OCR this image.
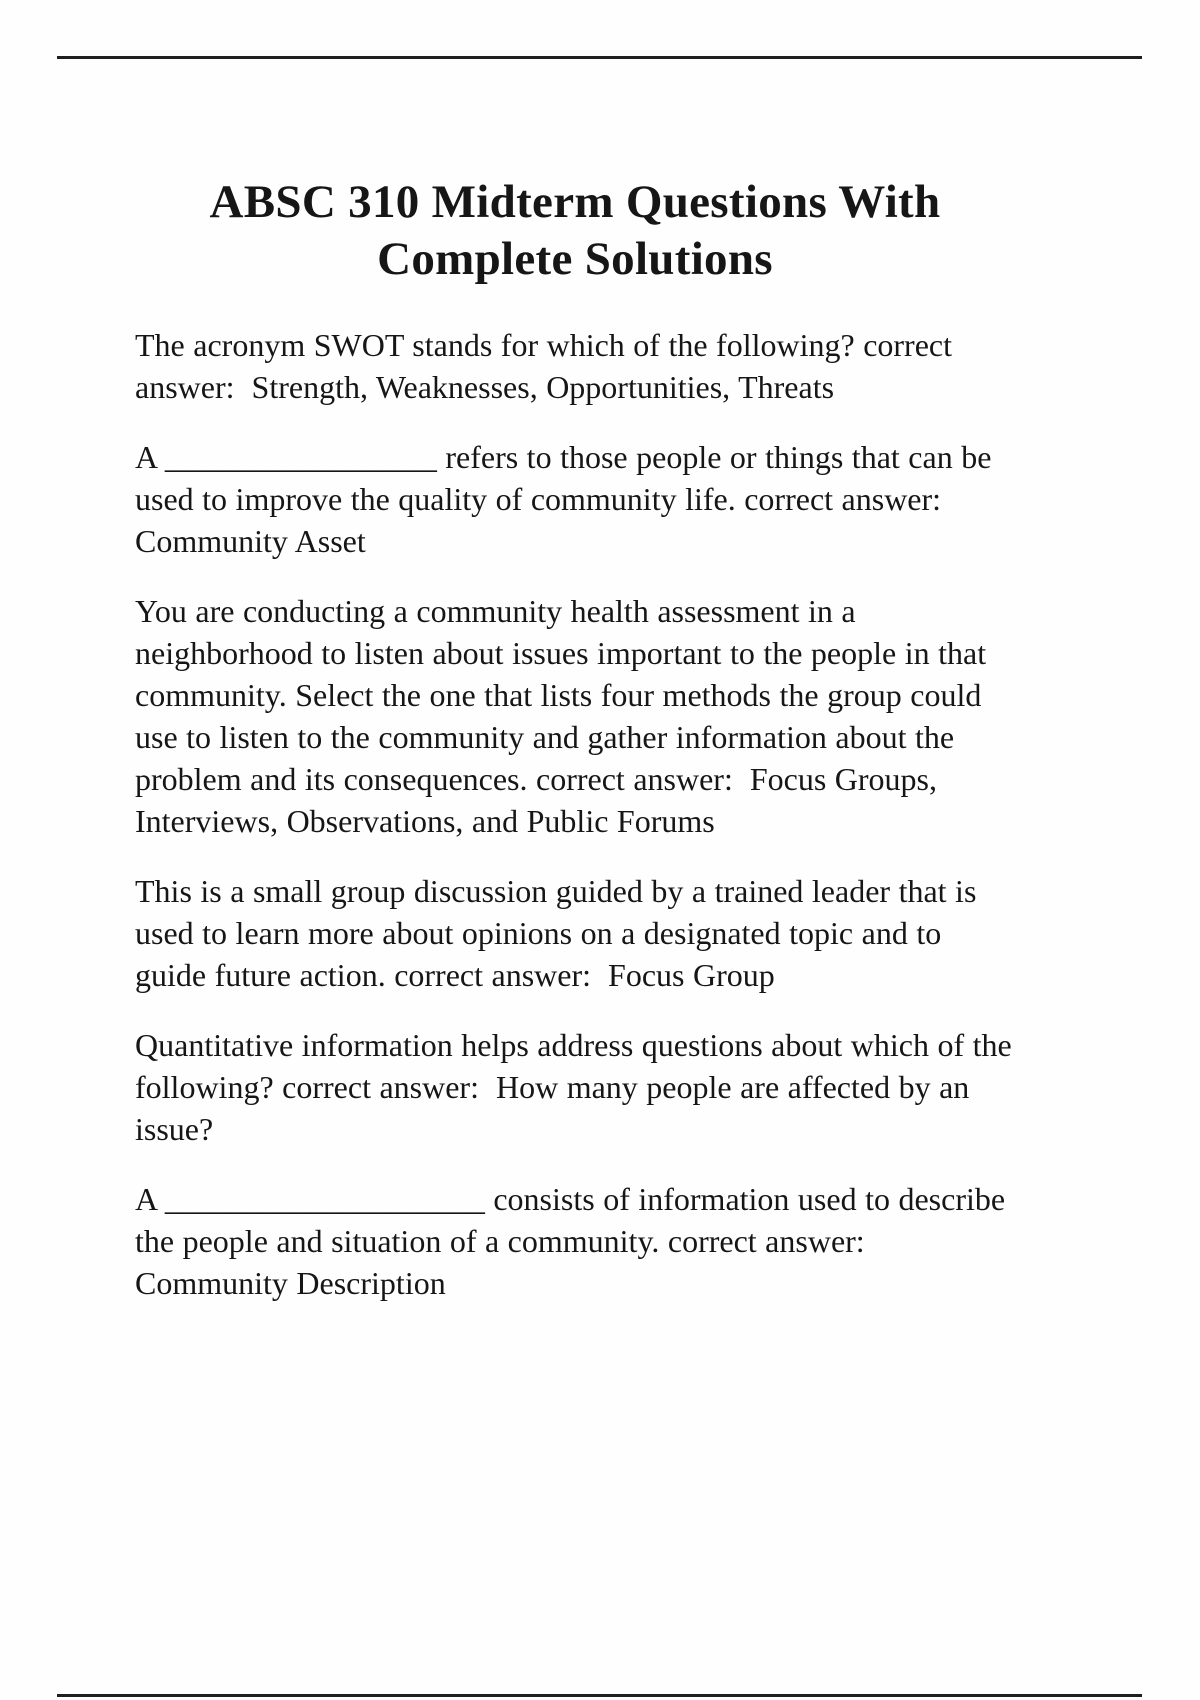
ABSC 310 Midterm Questions With
Complete Solutions

The acronym SWOT stands for which of the following? correct answer:  Strength, Weaknesses, Opportunities, Threats

A _________________ refers to those people or things that can be used to improve the quality of community life. correct answer:  Community Asset

You are conducting a community health assessment in a neighborhood to listen about issues important to the people in that community. Select the one that lists four methods the group could use to listen to the community and gather information about the problem and its consequences. correct answer:  Focus Groups, Interviews, Observations, and Public Forums

This is a small group discussion guided by a trained leader that is used to learn more about opinions on a designated topic and to guide future action. correct answer:  Focus Group

Quantitative information helps address questions about which of the following? correct answer:  How many people are affected by an issue?

A ____________________ consists of information used to describe the people and situation of a community. correct answer:  Community Description
